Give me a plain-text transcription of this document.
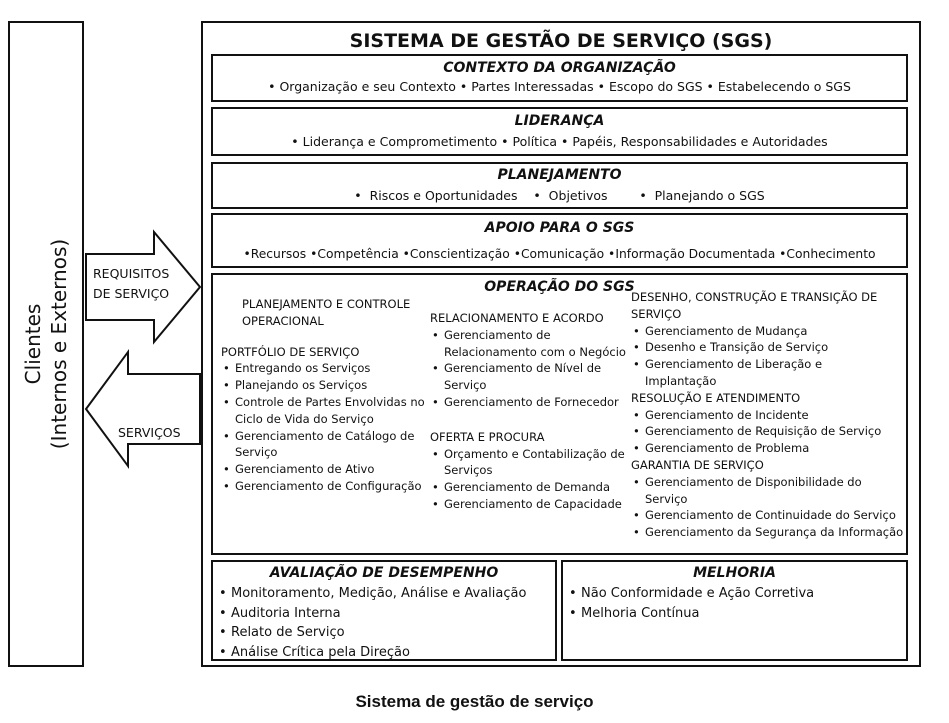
Clientes (Internos e Externos) REQUISITOS
DE SERVIÇO
SERVIÇOS
SISTEMA DE GESTÃO DE SERVIÇO (SGS)
CONTEXTO DA ORGANIZAÇÃO
• Organização e seu Contexto • Partes Interessadas • Escopo do SGS • Estabelecendo o SGS
LIDERANÇA
• Liderança e Comprometimento • Política • Papéis, Responsabilidades e Autoridades
PLANEJAMENTO
•  Riscos e Oportunidades    •  Objetivos        •  Planejando o SGS
APOIO PARA O SGS
•Recursos •Competência •Conscientização •Comunicação •Informação Documentada •Conhecimento
OPERAÇÃO DO SGS
PLANEJAMENTO E CONTROLE
OPERACIONAL
PORTFÓLIO DE SERVIÇO
• Entregando os Serviços
• Planejando os Serviços
• Controle de Partes Envolvidas no Ciclo de Vida do Serviço
• Gerenciamento de Catálogo de Serviço
• Gerenciamento de Ativo
• Gerenciamento de Configuração
RELACIONAMENTO E ACORDO
• Gerenciamento de Relacionamento com o Negócio
• Gerenciamento de Nível de Serviço
• Gerenciamento de Fornecedor
OFERTA E PROCURA
• Orçamento e Contabilização de Serviços
• Gerenciamento de Demanda
• Gerenciamento de Capacidade
DESENHO, CONSTRUÇÃO E TRANSIÇÃO DE SERVIÇO
• Gerenciamento de Mudança
• Desenho e Transição de Serviço
• Gerenciamento de Liberação e Implantação
RESOLUÇÃO E ATENDIMENTO
• Gerenciamento de Incidente
• Gerenciamento de Requisição de Serviço
• Gerenciamento de Problema
GARANTIA DE SERVIÇO
• Gerenciamento de Disponibilidade do Serviço
• Gerenciamento de Continuidade do Serviço
• Gerenciamento da Segurança da Informação
AVALIAÇÃO DE DESEMPENHO
• Monitoramento, Medição, Análise e Avaliação
• Auditoria Interna
• Relato de Serviço
• Análise Crítica pela Direção
MELHORIA
• Não Conformidade e Ação Corretiva
• Melhoria Contínua
Sistema de gestão de serviço
